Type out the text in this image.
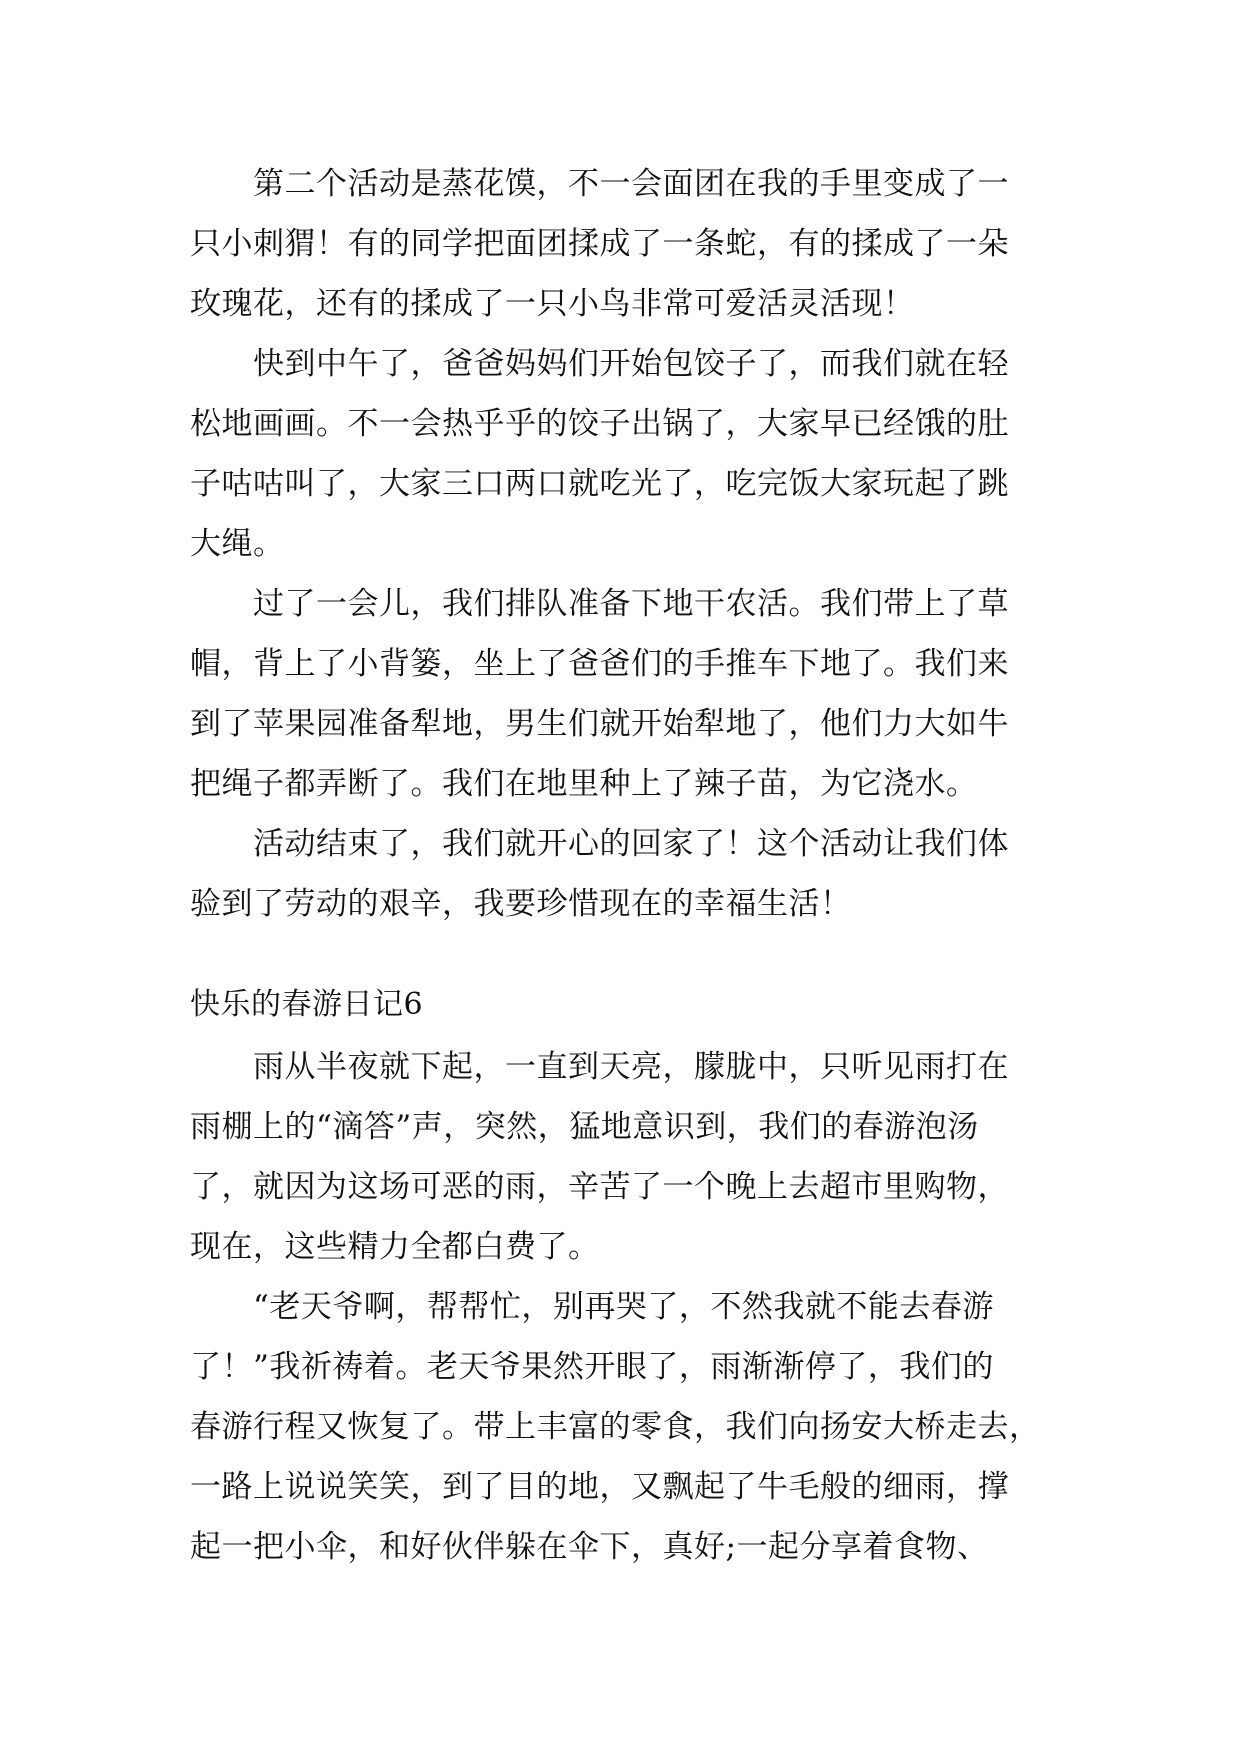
第二个活动是蒸花馍，不一会面团在我的手里变成了一
只小刺猬！有的同学把面团揉成了一条蛇，有的揉成了一朵
玫瑰花，还有的揉成了一只小鸟非常可爱活灵活现！
快到中午了，爸爸妈妈们开始包饺子了，而我们就在轻
松地画画。不一会热乎乎的饺子出锅了，大家早已经饿的肚
子咕咕叫了，大家三口两口就吃光了，吃完饭大家玩起了跳
大绳。
过了一会儿，我们排队准备下地干农活。我们带上了草
帽，背上了小背篓，坐上了爸爸们的手推车下地了。我们来
到了苹果园准备犁地，男生们就开始犁地了，他们力大如牛
把绳子都弄断了。我们在地里种上了辣子苗，为它浇水。
活动结束了，我们就开心的回家了！这个活动让我们体
验到了劳动的艰辛，我要珍惜现在的幸福生活！
快乐的春游日记6
雨从半夜就下起，一直到天亮，朦胧中，只听见雨打在
雨棚上的“滴答”声，突然，猛地意识到，我们的春游泡汤
了，就因为这场可恶的雨，辛苦了一个晚上去超市里购物，
现在，这些精力全都白费了。
“老天爷啊，帮帮忙，别再哭了，不然我就不能去春游
了！”我祈祷着。老天爷果然开眼了，雨渐渐停了，我们的
春游行程又恢复了。带上丰富的零食，我们向扬安大桥走去，
一路上说说笑笑，到了目的地，又飘起了牛毛般的细雨，撑
起一把小伞，和好伙伴躲在伞下，真好;一起分享着食物、
